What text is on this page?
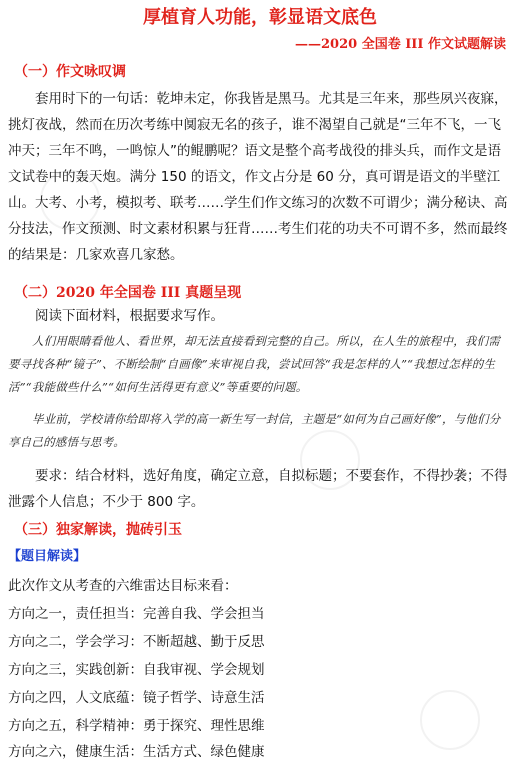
厚植育人功能，彰显语文底色
——2020 全国卷 III 作文试题解读
（一）作文咏叹调
套用时下的一句话：乾坤未定，你我皆是黑马。尤其是三年来，那些夙兴夜寐，挑灯夜战，然而在历次考练中阒寂无名的孩子，谁不渴望自己就是“三年不飞，一飞冲天；三年不鸣，一鸣惊人”的鲲鹏呢？语文是整个高考战役的排头兵，而作文是语文试卷中的轰天炮。满分 150 的语文，作文占分是 60 分，真可谓是语文的半壁江山。 大考、小考，模拟考、联考……学生们作文练习的次数不可谓少；满分秘诀、高分技法，作文预测、时文素材积累与狂背……考生们花的功夫不可谓不多，然而最终的结果是：几家欢喜几家愁。
（二）2020 年全国卷 III 真题呈现
阅读下面材料，根据要求写作。
人们用眼睛看他人、看世界，却无法直接看到完整的自己。所以，在人生的旅程中，我们需要寻找各种“镜子”、不断绘制“自画像”来审视自我，尝试回答“我是怎样的人”“我想过怎样的生活”“我能做些什么”“如何生活得更有意义”等重要的问题。
毕业前，学校请你给即将入学的高一新生写一封信，主题是“如何为自己画好像”，与他们分享自己的感悟与思考。
要求：结合材料，选好角度，确定立意，自拟标题；不要套作，不得抄袭；不得泄露个人信息；不少于 800 字。
（三）独家解读，抛砖引玉
【题目解读】
此次作文从考查的六维雷达目标来看：
方向之一，责任担当：完善自我、学会担当
方向之二，学会学习：不断超越、勤于反思
方向之三，实践创新：自我审视、学会规划
方向之四，人文底蕴：镜子哲学、诗意生活
方向之五，科学精神：勇于探究、理性思维
方向之六，健康生活：生活方式、绿色健康
